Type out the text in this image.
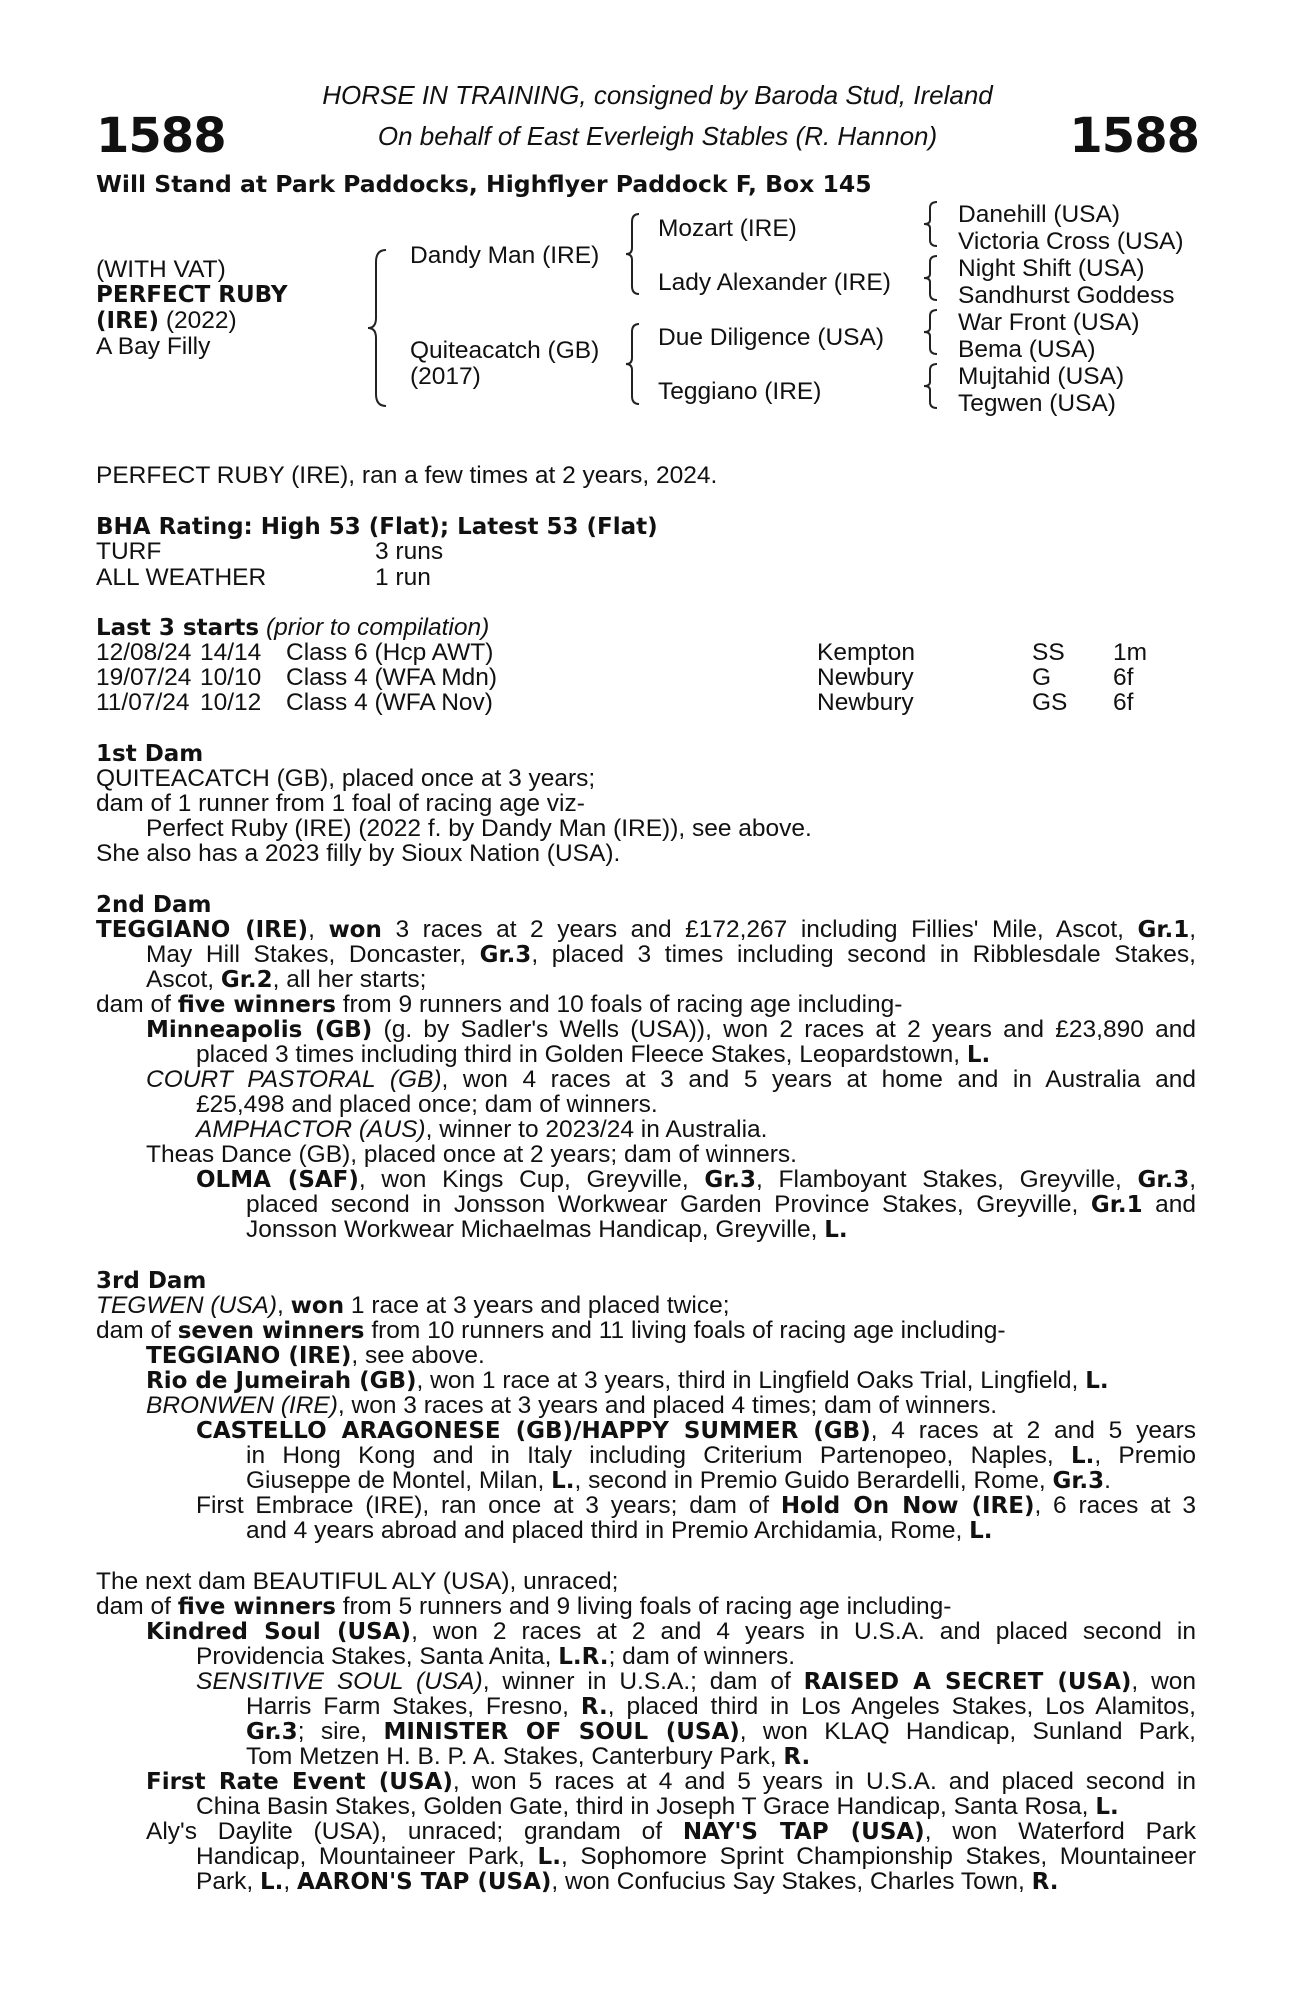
1588	1588
HORSE IN TRAINING, consigned by Baroda Stud, Ireland
On behalf of East Everleigh Stables (R. Hannon)
Will Stand at Park Paddocks, Highflyer Paddock F, Box 145
(WITH VAT)
PERFECT RUBY
(IRE) (2022)
A Bay Filly
Dandy Man (IRE)
Quiteacatch (GB)
(2017)
Mozart (IRE)
Lady Alexander (IRE)
Due Diligence (USA)
Teggiano (IRE)
Danehill (USA)
Victoria Cross (USA)
Night Shift (USA)
Sandhurst Goddess
War Front (USA)
Bema (USA)
Mujtahid (USA)
Tegwen (USA)
PERFECT RUBY (IRE), ran a few times at 2 years, 2024.
BHA Rating: High 53 (Flat); Latest 53 (Flat)
TURF	3 runs
ALL WEATHER	1 run
Last 3 starts (prior to compilation)
12/08/24 14/14 Class 6 (Hcp AWT)	Kempton	SS 1m
19/07/24 10/10 Class 4 (WFA Mdn)	Newbury	G	6f
11/07/24 10/12 Class 4 (WFA Nov)	Newbury	GS 6f
1st Dam
QUITEACATCH (GB), placed once at 3 years;
dam of 1 runner from 1 foal of racing age viz-
Perfect Ruby (IRE) (2022 f. by Dandy Man (IRE)), see above.
She also has a 2023 filly by Sioux Nation (USA).
2nd Dam
TEGGIANO (IRE), won 3 races at 2 years and £172,267 including Fillies' Mile, Ascot, Gr.1,
May Hill Stakes, Doncaster, Gr.3, placed 3 times including second in Ribblesdale Stakes,
Ascot, Gr.2, all her starts;
dam of five winners from 9 runners and 10 foals of racing age including-
Minneapolis (GB) (g. by Sadler's Wells (USA)), won 2 races at 2 years and £23,890 and
placed 3 times including third in Golden Fleece Stakes, Leopardstown, L.
COURT PASTORAL (GB), won 4 races at 3 and 5 years at home and in Australia and
£25,498 and placed once; dam of winners.
AMPHACTOR (AUS), winner to 2023/24 in Australia.
Theas Dance (GB), placed once at 2 years; dam of winners.
OLMA (SAF), won Kings Cup, Greyville, Gr.3, Flamboyant Stakes, Greyville, Gr.3,
placed second in Jonsson Workwear Garden Province Stakes, Greyville, Gr.1 and
Jonsson Workwear Michaelmas Handicap, Greyville, L.
3rd Dam
TEGWEN (USA), won 1 race at 3 years and placed twice;
dam of seven winners from 10 runners and 11 living foals of racing age including-
TEGGIANO (IRE), see above.
Rio de Jumeirah (GB), won 1 race at 3 years, third in Lingfield Oaks Trial, Lingfield, L.
BRONWEN (IRE), won 3 races at 3 years and placed 4 times; dam of winners.
CASTELLO ARAGONESE (GB)/HAPPY SUMMER (GB), 4 races at 2 and 5 years
in Hong Kong and in Italy including Criterium Partenopeo, Naples, L., Premio
Giuseppe de Montel, Milan, L., second in Premio Guido Berardelli, Rome, Gr.3.
First Embrace (IRE), ran once at 3 years; dam of Hold On Now (IRE), 6 races at 3
and 4 years abroad and placed third in Premio Archidamia, Rome, L.
The next dam BEAUTIFUL ALY (USA), unraced;
dam of five winners from 5 runners and 9 living foals of racing age including-
Kindred Soul (USA), won 2 races at 2 and 4 years in U.S.A. and placed second in
Providencia Stakes, Santa Anita, L.R.; dam of winners.
SENSITIVE SOUL (USA), winner in U.S.A.; dam of RAISED A SECRET (USA), won
Harris Farm Stakes, Fresno, R., placed third in Los Angeles Stakes, Los Alamitos,
Gr.3; sire, MINISTER OF SOUL (USA), won KLAQ Handicap, Sunland Park,
Tom Metzen H. B. P. A. Stakes, Canterbury Park, R.
First Rate Event (USA), won 5 races at 4 and 5 years in U.S.A. and placed second in
China Basin Stakes, Golden Gate, third in Joseph T Grace Handicap, Santa Rosa, L.
Aly's Daylite (USA), unraced; grandam of NAY'S TAP (USA), won Waterford Park
Handicap, Mountaineer Park, L., Sophomore Sprint Championship Stakes, Mountaineer
Park, L., AARON'S TAP (USA), won Confucius Say Stakes, Charles Town, R.
